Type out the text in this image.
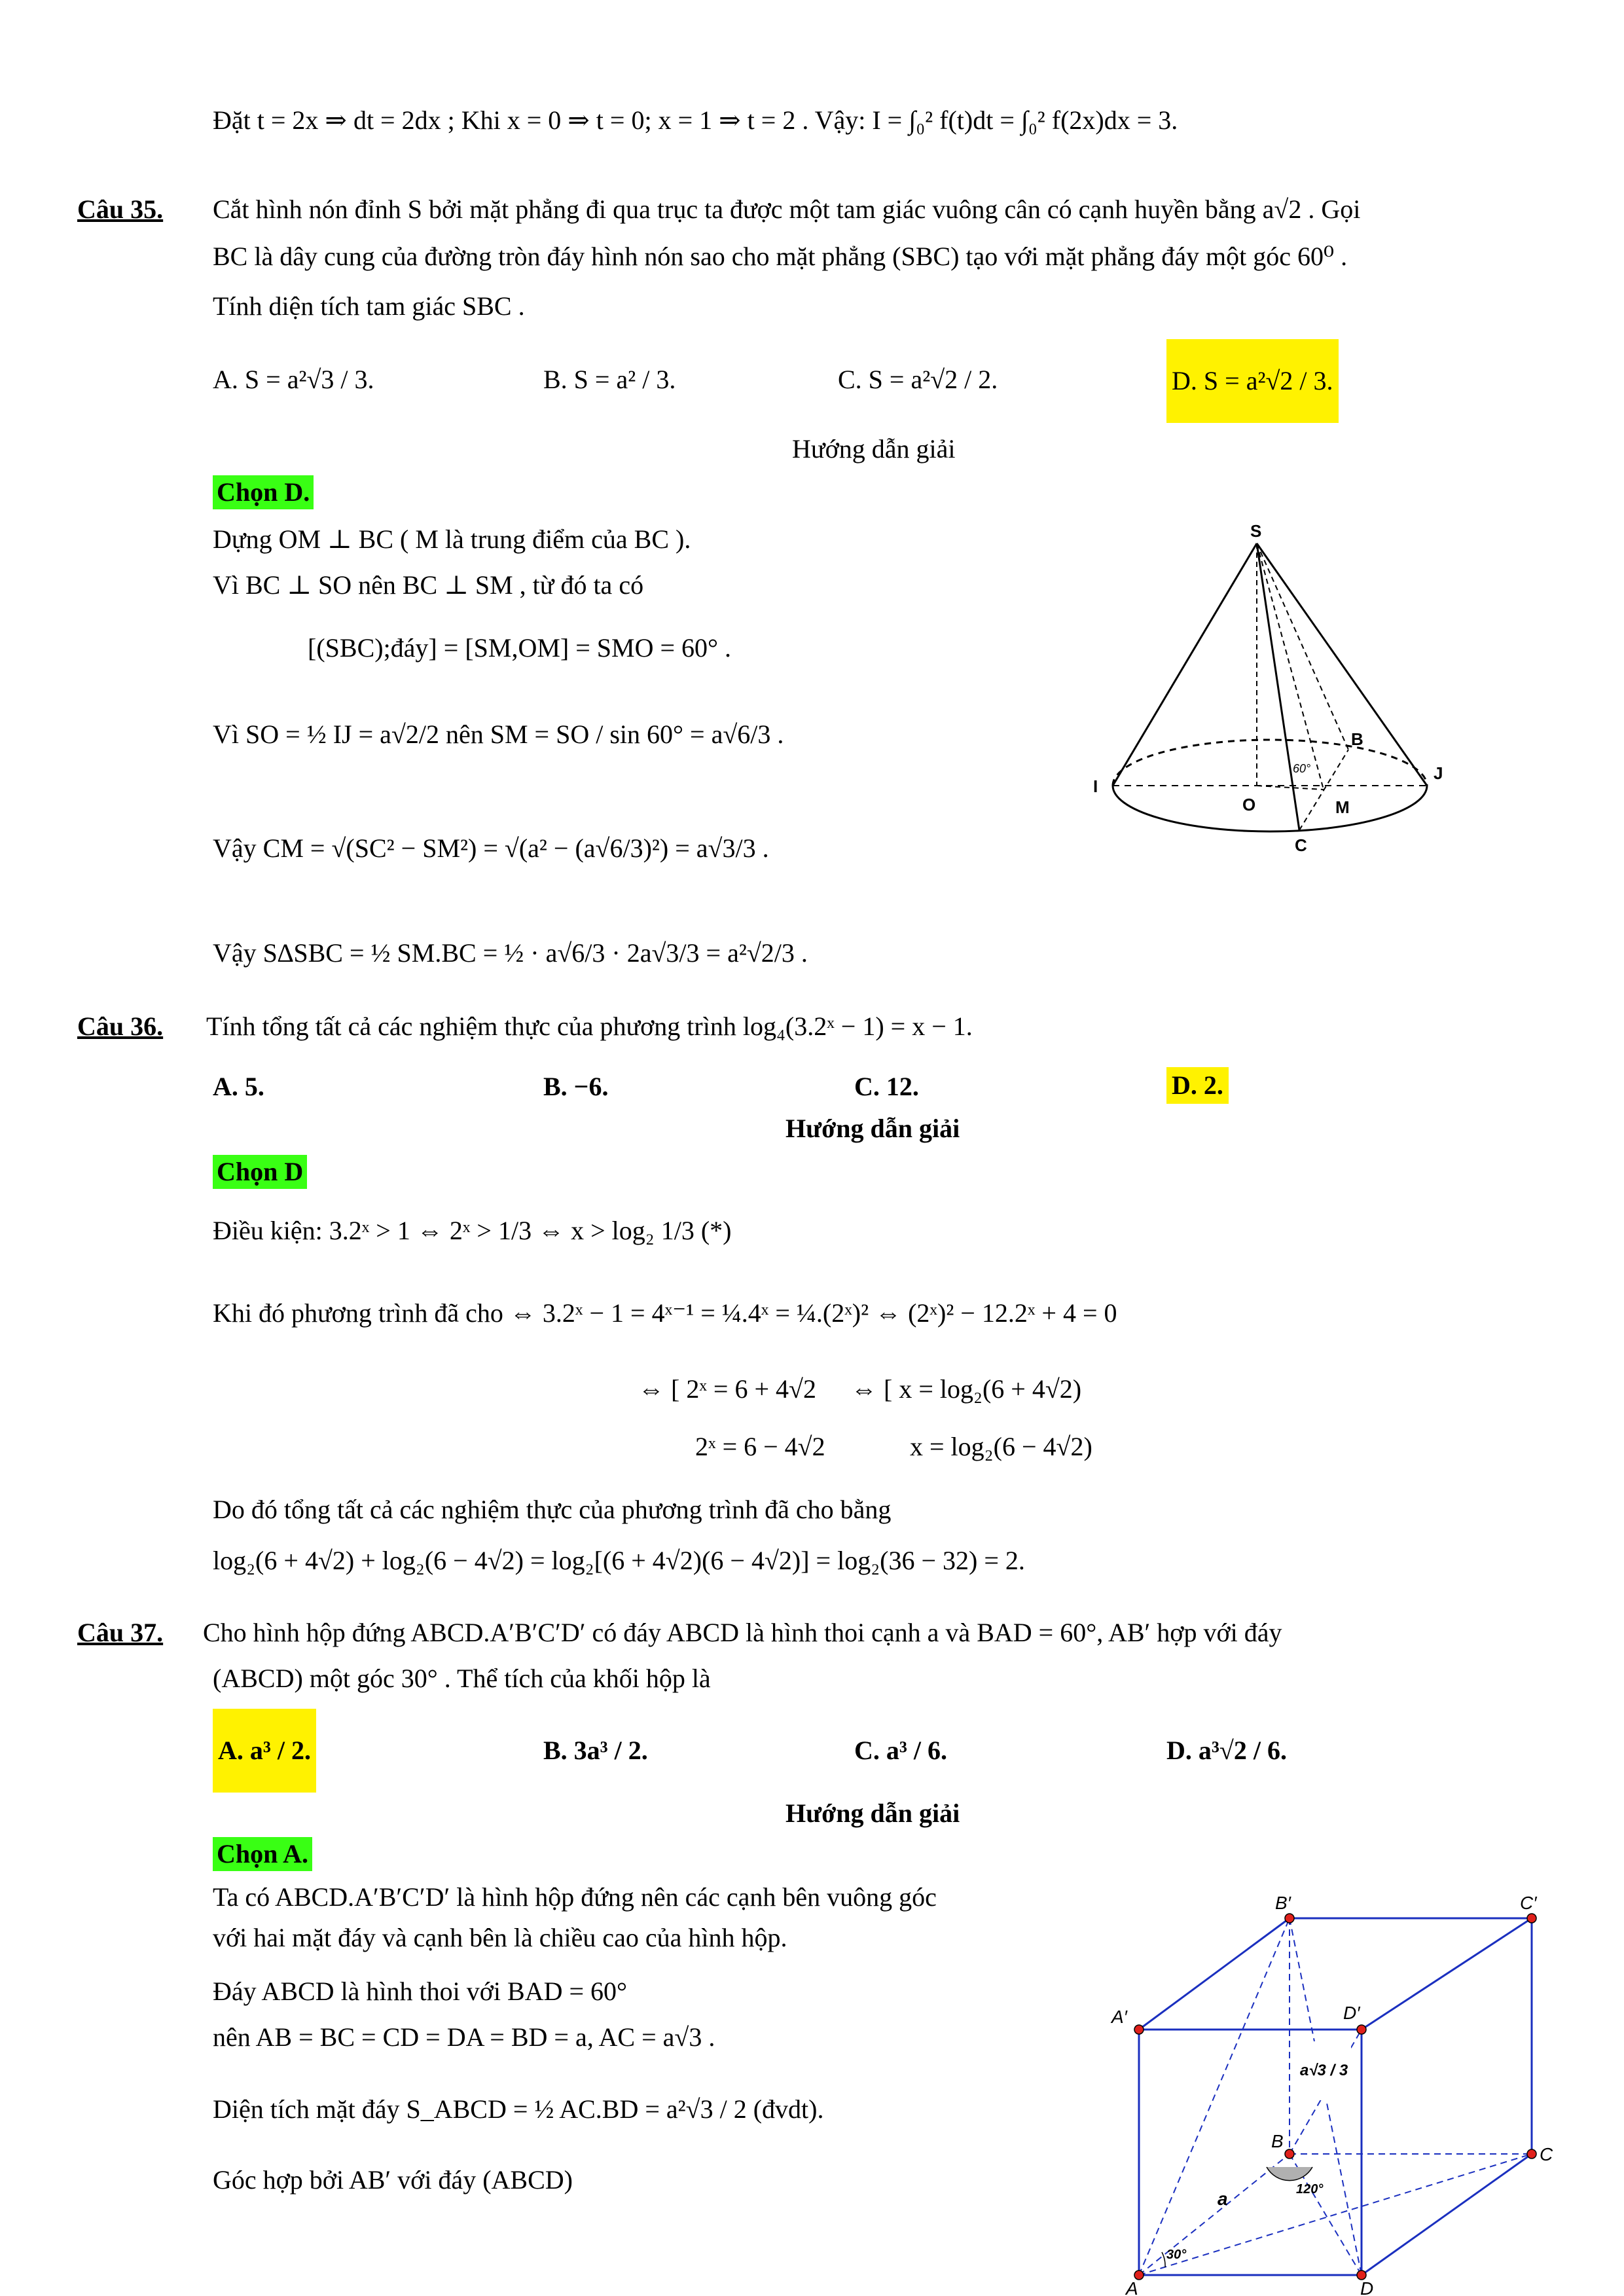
Đặt t = 2x ⇒ dt = 2dx ; Khi x = 0 ⇒ t = 0; x = 1 ⇒ t = 2 . Vậy: I = ∫₀² f(t)dt = ∫₀² f(2x)dx = 3.
Câu 35. Cắt hình nón đỉnh S bởi mặt phẳng đi qua trục ta được một tam giác vuông cân có cạnh huyền bằng a√2 . Gọi
BC là dây cung của đường tròn đáy hình nón sao cho mặt phẳng (SBC) tạo với mặt phẳng đáy một góc 60⁰ .
Tính diện tích tam giác SBC .
A. S = a²√3 / 3.	B. S = a² / 3.	C. S = a²√2 / 2.	D. S = a²√2 / 3.
Hướng dẫn giải
Chọn D.
Dựng OM ⊥ BC ( M là trung điểm của BC ).
Vì BC ⊥ SO nên BC ⊥ SM , từ đó ta có
[(SBC);đáy] = [SM,OM] = SMO = 60° .
Vì SO = ½ IJ = a√2/2 nên SM = SO / sin 60° = a√6/3 .
Vậy CM = √(SC² − SM²) = √(a² − (a√6/3)²) = a√3/3 .
Vậy S∆SBC = ½ SM.BC = ½ · a√6/3 · 2a√3/3 = a²√2/3 .
S
B
I
J
O	M
C
60°
Câu 36. Tính tổng tất cả các nghiệm thực của phương trình log₄(3.2ˣ − 1) = x − 1.
A. 5.	B. −6.	C. 12.	D. 2.
Hướng dẫn giải
Chọn D
Điều kiện: 3.2ˣ > 1 ⇔ 2ˣ > 1/3 ⇔ x > log₂ 1/3 (*)
Khi đó phương trình đã cho ⇔ 3.2ˣ − 1 = 4ˣ⁻¹ = ¼.4ˣ = ¼.(2ˣ)² ⇔ (2ˣ)² − 12.2ˣ + 4 = 0
⇔ [ 2ˣ = 6 + 4√2
2ˣ = 6 − 4√2
⇔ [ x = log₂(6 + 4√2)
x = log₂(6 − 4√2)
Do đó tổng tất cả các nghiệm thực của phương trình đã cho bằng
log₂(6 + 4√2) + log₂(6 − 4√2) = log₂[(6 + 4√2)(6 − 4√2)] = log₂(36 − 32) = 2.
Câu 37. Cho hình hộp đứng ABCD.A′B′C′D′ có đáy ABCD là hình thoi cạnh a và BAD = 60°, AB′ hợp với đáy
(ABCD) một góc 30° . Thể tích của khối hộp là
A. a³ / 2.	B. 3a³ / 2.	C. a³ / 6.	D. a³√2 / 6.
Hướng dẫn giải
Chọn A.
Ta có ABCD.A′B′C′D′ là hình hộp đứng nên các cạnh bên vuông góc
với hai mặt đáy và cạnh bên là chiều cao của hình hộp.
Đáy ABCD là hình thoi với BAD = 60°
nên AB = BC = CD = DA = BD = a, AC = a√3 .
Diện tích mặt đáy S_ABCD = ½ AC.BD = a²√3 / 2 (đvdt).
Góc hợp bởi AB′ với đáy (ABCD)
B′	C′
A′	D′
B
C
A	D
a	120°
30°
a√3 / 3
